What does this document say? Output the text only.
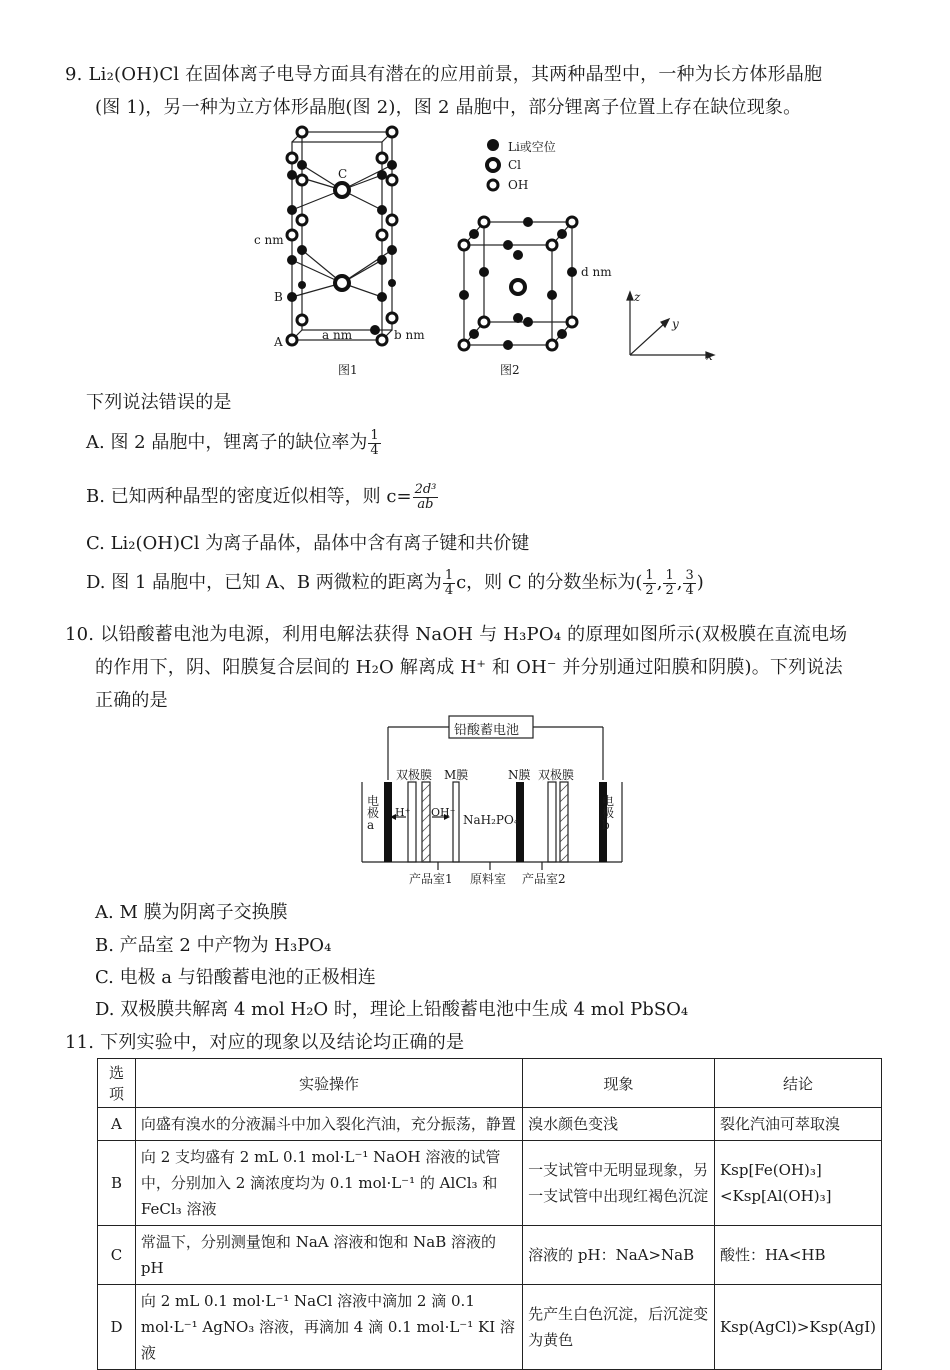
9. Li₂(OH)Cl 在固体离子电导方面具有潜在的应用前景，其两种晶型中，一种为长方体形晶胞
(图 1)，另一种为立方体形晶胞(图 2)，图 2 晶胞中，部分锂离子位置上存在缺位现象。
C
c nm
B
A	a nm	b nm
图1
Li或空位
Cl
OH
d nm
图2
z
y
x
下列说法错误的是
A. 图 2 晶胞中，锂离子的缺位率为 $\frac{1}{4}$
B. 已知两种晶型的密度近似相等，则 $c= \frac{\text{2d³}}{ab}$
C. Li₂(OH)Cl 为离子晶体，晶体中含有离子键和共价键
D. 图 1 晶胞中，已知 A、B 两微粒的距离为 $\frac{1}{4}$ c，则 C 的分数坐标为( $\frac{1}{2}$ , $\frac{1}{2}$ , $\frac{3}{4}$ )
10. 以铅酸蓄电池为电源，利用电解法获得 NaOH 与 H₃PO₄ 的原理如图所示(双极膜在直流电场
的作用下，阴、阳膜复合层间的 H₂O 解离成 H⁺ 和 OH⁻ 并分别通过阳膜和阴膜)。下列说法
正确的是
铅酸蓄电池
双极膜 M膜	N膜 双极膜
电极a
电极b
H⁺ OH⁻
NaH₂PO₄
产品室1 原料室 产品室2
A. M 膜为阴离子交换膜
B. 产品室 2 中产物为 H₃PO₄
C. 电极 a 与铅酸蓄电池的正极相连
D. 双极膜共解离 4 mol H₂O 时，理论上铅酸蓄电池中生成 4 mol PbSO₄
11. 下列实验中，对应的现象以及结论均正确的是
选项	实验操作	现象	结论
A	向盛有溴水的分液漏斗中加入裂化汽油，充分振荡，静置	溴水颜色变浅	裂化汽油可萃取溴
B	向 2 支均盛有 2 mL 0.1 mol·L⁻¹ NaOH 溶液的试管中，分别加入 2 滴浓度均为 0.1 mol·L⁻¹ 的 AlCl₃ 和 FeCl₃ 溶液	一支试管中无明显现象，另一支试管中出现红褐色沉淀	Ksp[Fe(OH)₃]<Ksp[Al(OH)₃]
C	常温下，分别测量饱和 NaA 溶液和饱和 NaB 溶液的 pH	溶液的 pH：NaA>NaB	酸性：HA<HB
D	向 2 mL 0.1 mol·L⁻¹ NaCl 溶液中滴加 2 滴 0.1 mol·L⁻¹ AgNO₃ 溶液，再滴加 4 滴 0.1 mol·L⁻¹ KI 溶液	先产生白色沉淀，后沉淀变为黄色	Ksp(AgCl)>Ksp(AgI)
